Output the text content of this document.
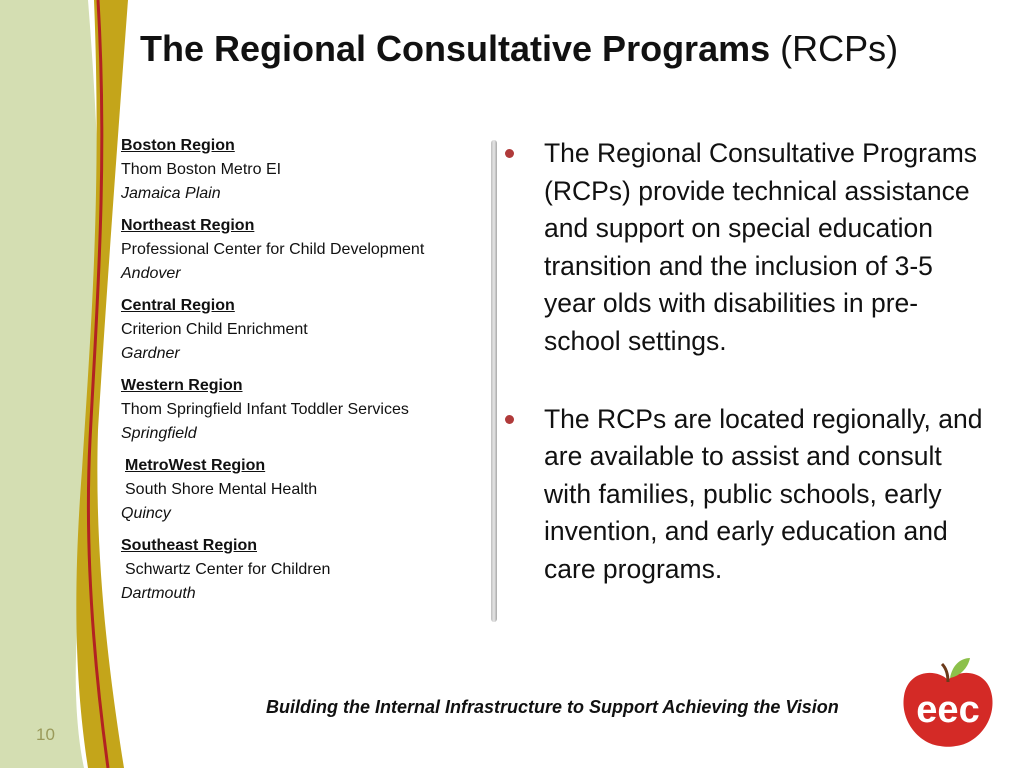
The Regional Consultative Programs (RCPs)
Boston Region
Thom Boston Metro EI
Jamaica Plain
Northeast Region
Professional Center for Child Development
Andover
Central Region
Criterion Child Enrichment
Gardner
Western Region
Thom Springfield Infant Toddler Services
Springfield
MetroWest Region
South Shore Mental Health
Quincy
Southeast Region
Schwartz Center for Children
Dartmouth
The Regional Consultative Programs (RCPs) provide technical assistance and support on special education transition and the inclusion of 3-5 year olds with disabilities in pre-school settings.
The RCPs are located regionally, and are available to assist and consult with families, public schools, early invention, and early education and care programs.
Building the Internal Infrastructure to Support Achieving the Vision
10
eec
